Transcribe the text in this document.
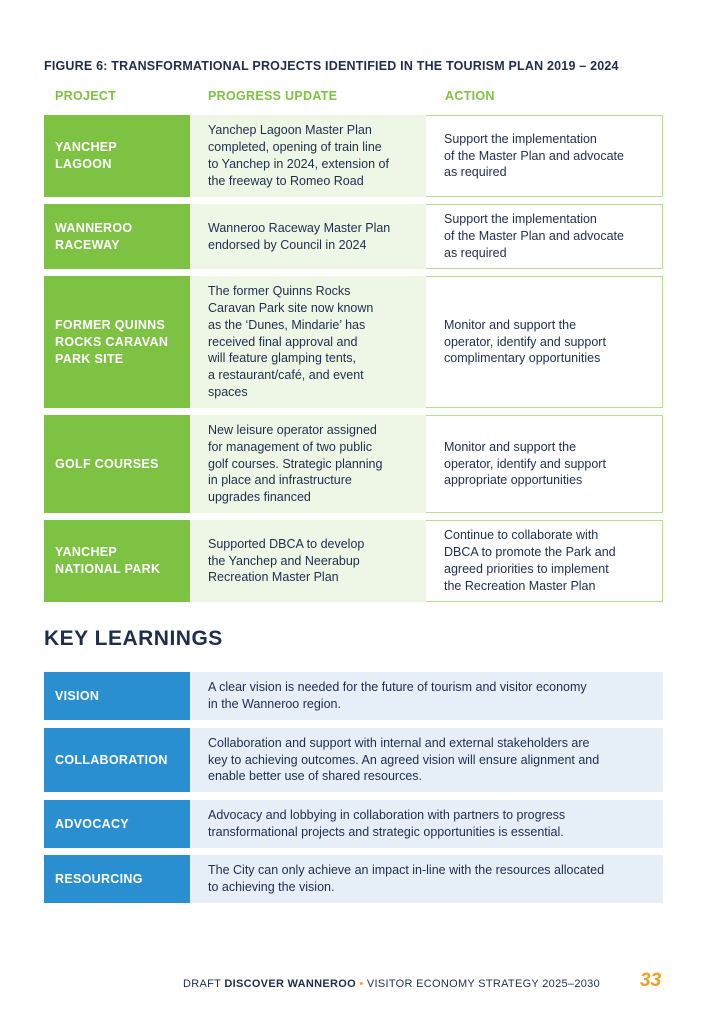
FIGURE 6: TRANSFORMATIONAL PROJECTS IDENTIFIED IN THE TOURISM PLAN 2019 – 2024
PROJECT	PROGRESS UPDATE	ACTION
YANCHEP
LAGOON
Yanchep Lagoon Master Plan
completed, opening of train line
to Yanchep in 2024, extension of
the freeway to Romeo Road
Support the implementation
of the Master Plan and advocate
as required
WANNEROO
RACEWAY
Wanneroo Raceway Master Plan
endorsed by Council in 2024
Support the implementation
of the Master Plan and advocate
as required
FORMER QUINNS
ROCKS CARAVAN
PARK SITE
The former Quinns Rocks
Caravan Park site now known
as the ‘Dunes, Mindarie’ has
received final approval and
will feature glamping tents,
a restaurant/café, and event
spaces
Monitor and support the
operator, identify and support
complimentary opportunities
GOLF COURSES
New leisure operator assigned
for management of two public
golf courses. Strategic planning
in place and infrastructure
upgrades financed
Monitor and support the
operator, identify and support
appropriate opportunities
YANCHEP
NATIONAL PARK
Supported DBCA to develop
the Yanchep and Neerabup
Recreation Master Plan
Continue to collaborate with
DBCA to promote the Park and
agreed priorities to implement
the Recreation Master Plan
KEY LEARNINGS
VISION
A clear vision is needed for the future of tourism and visitor economy
in the Wanneroo region.
COLLABORATION
Collaboration and support with internal and external stakeholders are
key to achieving outcomes. An agreed vision will ensure alignment and
enable better use of shared resources.
ADVOCACY
Advocacy and lobbying in collaboration with partners to progress
transformational projects and strategic opportunities is essential.
RESOURCING
The City can only achieve an impact in-line with the resources allocated
to achieving the vision.
DRAFT DISCOVER WANNEROO • VISITOR ECONOMY STRATEGY 2025–2030 33
